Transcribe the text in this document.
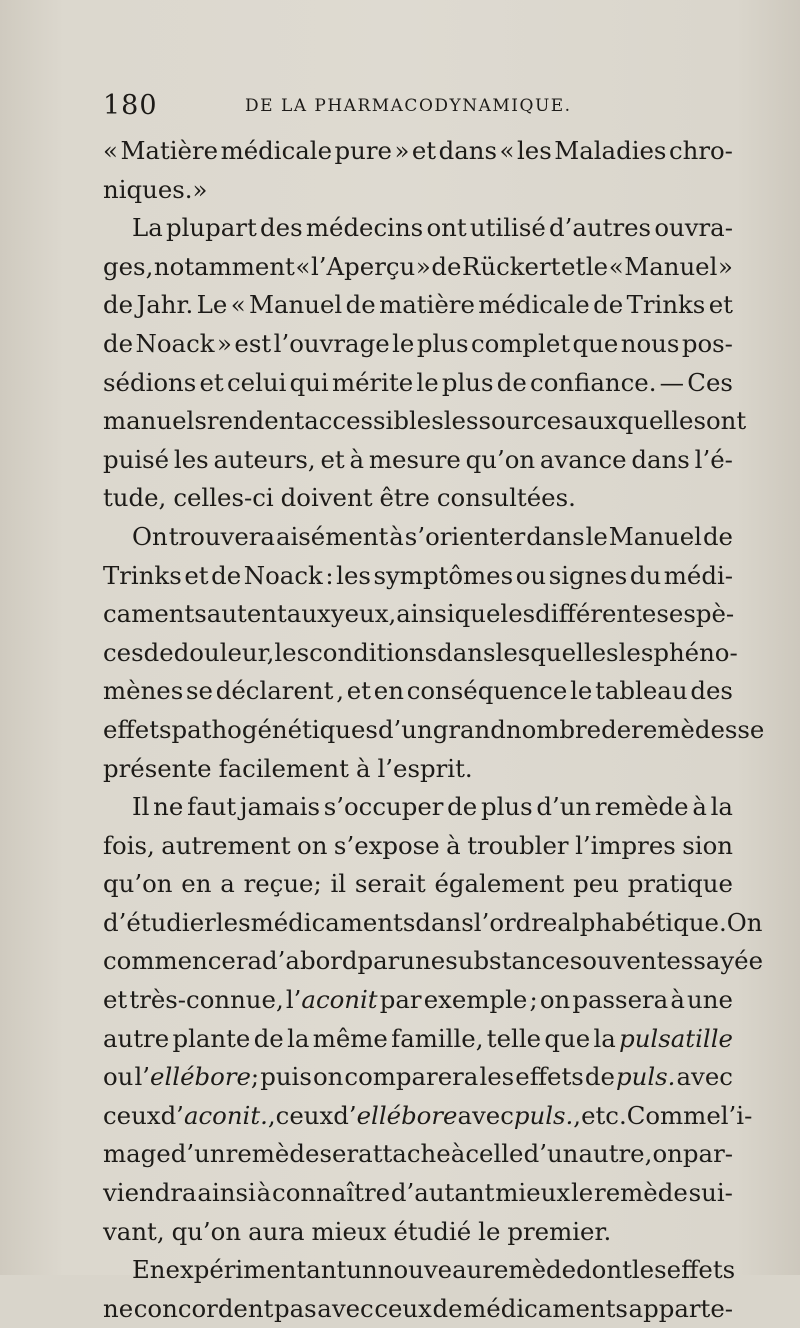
180	DE LA PHARMACODYNAMIQUE.
« Matière médicale pure » et dans « les Maladies chro-
niques.»
La plupart des médecins ont utilisé d’autres ouvra-
ges, notamment « l’Aperçu » de Rückert et le « Manuel »
de Jahr. Le « Manuel de matière médicale de Trinks et
de Noack » est l’ouvrage le plus complet que nous pos-
sédions et celui qui mérite le plus de confiance. — Ces
manuels rendent accessibles les sources auxquelles ont
puisé les auteurs, et à mesure qu’on avance dans l’é-
tude, celles-ci doivent être consultées.
On trouvera aisément à s’orienter dans le Manuel de
Trinks et de Noack : les symptômes ou signes du médi-
cament sautent aux yeux, ainsi que les différentes espè-
ces de douleur, les conditions dans lesquelles les phéno-
mènes se déclarent , et en conséquence le tableau des
effets pathogénétiques d’un grand nombre de remèdes se
présente facilement à l’esprit.
Il ne faut jamais s’occuper de plus d’un remède à la
fois, autrement on s’expose à troubler l’impres sion
qu’on en a reçue; il serait également peu pratique
d’étudier les médicaments dans l’ordre alphabétique. On
commencera d’abord par une substance souvent essayée
et très-connue, l’aconit par exemple ; on passera à une
autre plante de la même famille, telle que la pulsatille
ou l’ellébore; puis on comparera les effets de puls. avec
ceux d’aconit., ceux d’ellébore avec puls., etc.Comme l’i-
mage d’un remède se rattache à celle d’un autre, on par-
viendra ainsi à connaître d’autant mieux le remède sui-
vant, qu’on aura mieux étudié le premier.
En expérimentant un nouveau remède dont les effets
ne concordent pas avec ceux de médicaments apparte-
